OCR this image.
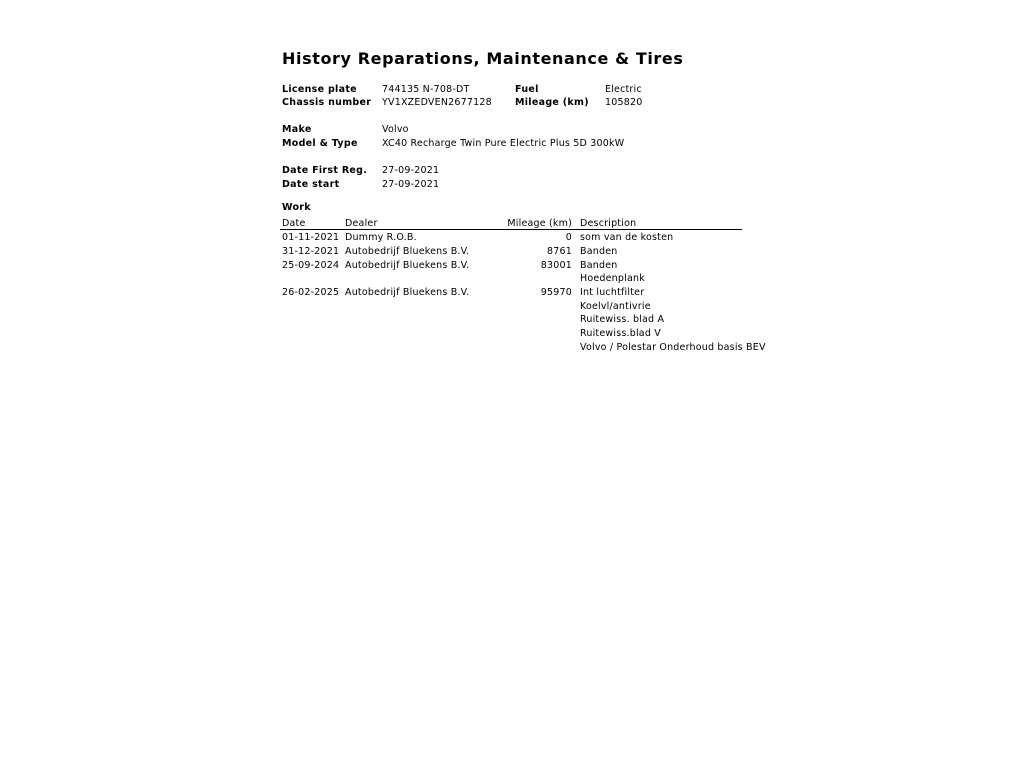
History Reparations, Maintenance & Tires
License plate	744135 N-708-DT	Fuel	Electric
Chassis number YV1XZEDVEN2677128 Mileage (km) 105820
Make	Volvo
Model & Type	XC40 Recharge Twin Pure Electric Plus 5D 300kW
Date First Reg. 27-09-2021
Date start	27-09-2021
Work
Date	Dealer	Mileage (km) Description
01-11-2021 Dummy R.O.B.	0 som van de kosten
31-12-2021 Autobedrijf Bluekens B.V.	8761 Banden
25-09-2024 Autobedrijf Bluekens B.V.	83001 Banden
Hoedenplank
26-02-2025 Autobedrijf Bluekens B.V.	95970 Int luchtfilter
Koelvl/antivrie
Ruitewiss. blad A
Ruitewiss.blad V
Volvo / Polestar Onderhoud basis BEV
